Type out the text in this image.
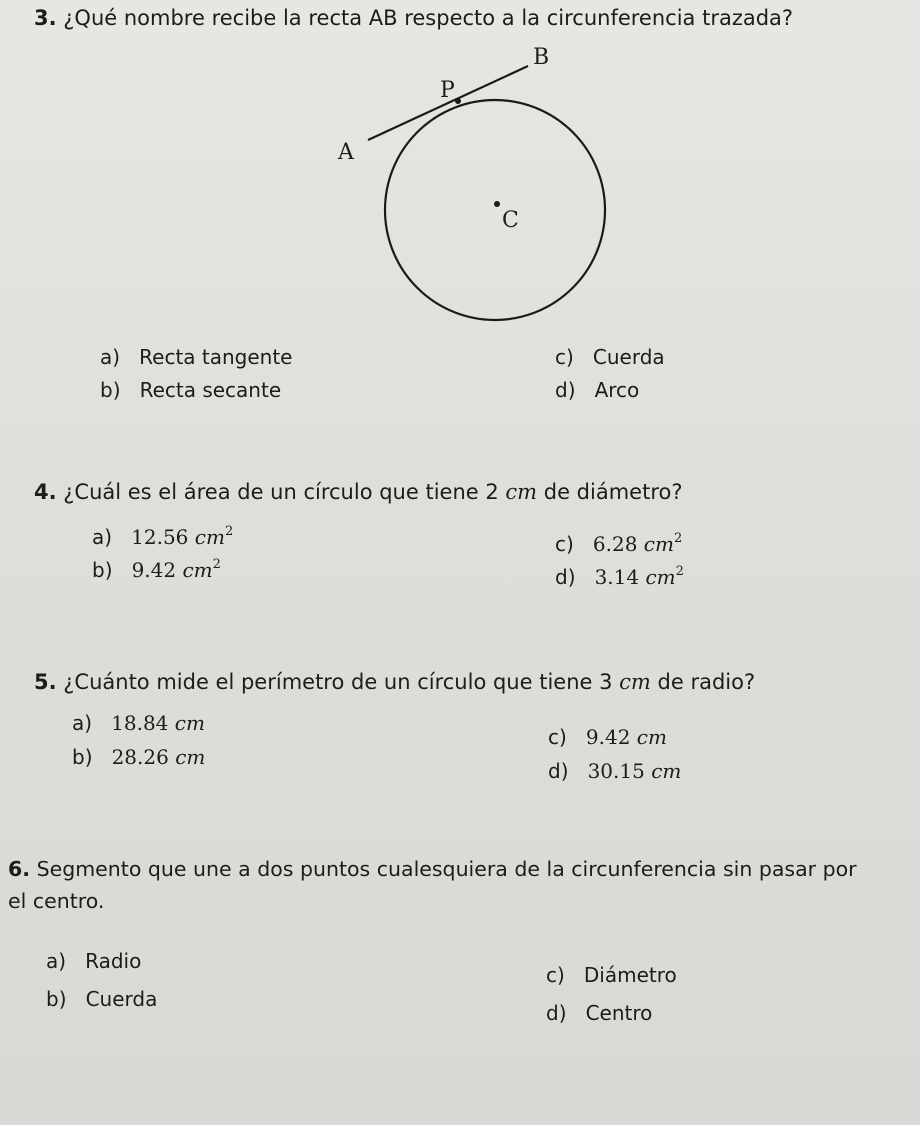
3. ¿Qué nombre recibe la recta AB respecto a la circunferencia trazada?
B
P
A
C
a) Recta tangente
b) Recta secante
c) Cuerda
d) Arco
4. ¿Cuál es el área de un círculo que tiene 2 cm de diámetro?
a) 12.56 $cm^2$
b) 9.42 $cm^2$
c) 6.28 $cm^2$
d) 3.14 $cm^2$
5. ¿Cuánto mide el perímetro de un círculo que tiene 3 cm de radio?
a) 18.84 cm
b) 28.26 cm
c) 9.42 cm
d) 30.15 cm
6. Segmento que une a dos puntos cualesquiera de la circunferencia sin pasar por
el centro.
a) Radio
b) Cuerda
c) Diámetro
d) Centro
